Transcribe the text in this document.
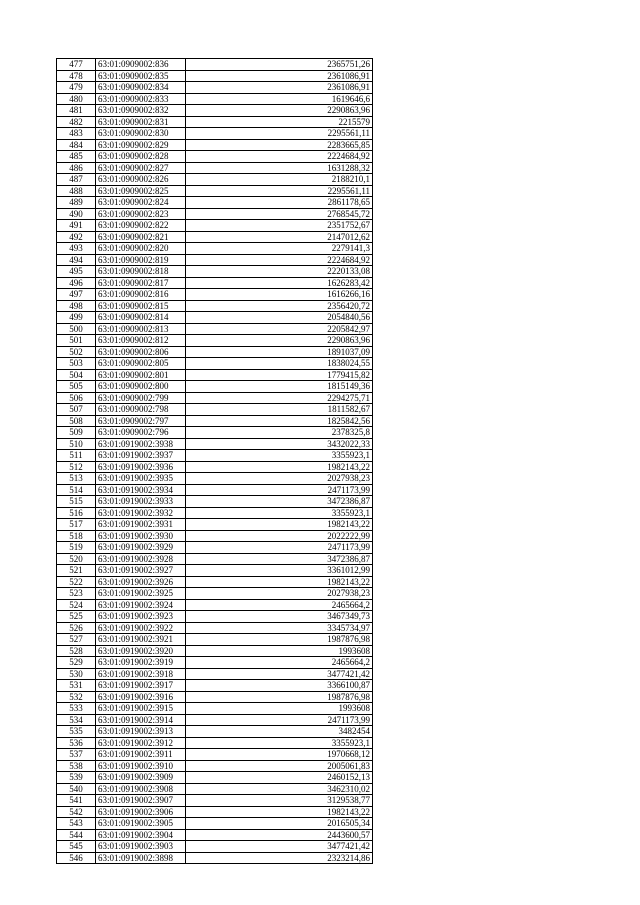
477	63:01:0909002:836	2365751,26
478	63:01:0909002:835	2361086,91
479	63:01:0909002:834	2361086,91
480	63:01:0909002:833	1619646,6
481	63:01:0909002:832	2290863,96
482	63:01:0909002:831	2215579
483	63:01:0909002:830	2295561,11
484	63:01:0909002:829	2283665,85
485	63:01:0909002:828	2224684,92
486	63:01:0909002:827	1631288,32
487	63:01:0909002:826	2188210,1
488	63:01:0909002:825	2295561,11
489	63:01:0909002:824	2861178,65
490	63:01:0909002:823	2768545,72
491	63:01:0909002:822	2351752,67
492	63:01:0909002:821	2147012,62
493	63:01:0909002:820	2279141,3
494	63:01:0909002:819	2224684,92
495	63:01:0909002:818	2220133,08
496	63:01:0909002:817	1626283,42
497	63:01:0909002:816	1616266,16
498	63:01:0909002:815	2356420,72
499	63:01:0909002:814	2054840,56
500	63:01:0909002:813	2205842,97
501	63:01:0909002:812	2290863,96
502	63:01:0909002:806	1891037,09
503	63:01:0909002:805	1838024,55
504	63:01:0909002:801	1779415,82
505	63:01:0909002:800	1815149,36
506	63:01:0909002:799	2294275,71
507	63:01:0909002:798	1811582,67
508	63:01:0909002:797	1825842,56
509	63:01:0909002:796	2378325,8
510	63:01:0919002:3938	3432022,33
511	63:01:0919002:3937	3355923,1
512	63:01:0919002:3936	1982143,22
513	63:01:0919002:3935	2027938,23
514	63:01:0919002:3934	2471173,99
515	63:01:0919002:3933	3472386,87
516	63:01:0919002:3932	3355923,1
517	63:01:0919002:3931	1982143,22
518	63:01:0919002:3930	2022222,99
519	63:01:0919002:3929	2471173,99
520	63:01:0919002:3928	3472386,87
521	63:01:0919002:3927	3361012,99
522	63:01:0919002:3926	1982143,22
523	63:01:0919002:3925	2027938,23
524	63:01:0919002:3924	2465664,2
525	63:01:0919002:3923	3467349,73
526	63:01:0919002:3922	3345734,97
527	63:01:0919002:3921	1987876,98
528	63:01:0919002:3920	1993608
529	63:01:0919002:3919	2465664,2
530	63:01:0919002:3918	3477421,42
531	63:01:0919002:3917	3366100,87
532	63:01:0919002:3916	1987876,98
533	63:01:0919002:3915	1993608
534	63:01:0919002:3914	2471173,99
535	63:01:0919002:3913	3482454
536	63:01:0919002:3912	3355923,1
537	63:01:0919002:3911	1970668,12
538	63:01:0919002:3910	2005061,83
539	63:01:0919002:3909	2460152,13
540	63:01:0919002:3908	3462310,02
541	63:01:0919002:3907	3129538,77
542	63:01:0919002:3906	1982143,22
543	63:01:0919002:3905	2016505,34
544	63:01:0919002:3904	2443600,57
545	63:01:0919002:3903	3477421,42
546	63:01:0919002:3898	2323214,86
